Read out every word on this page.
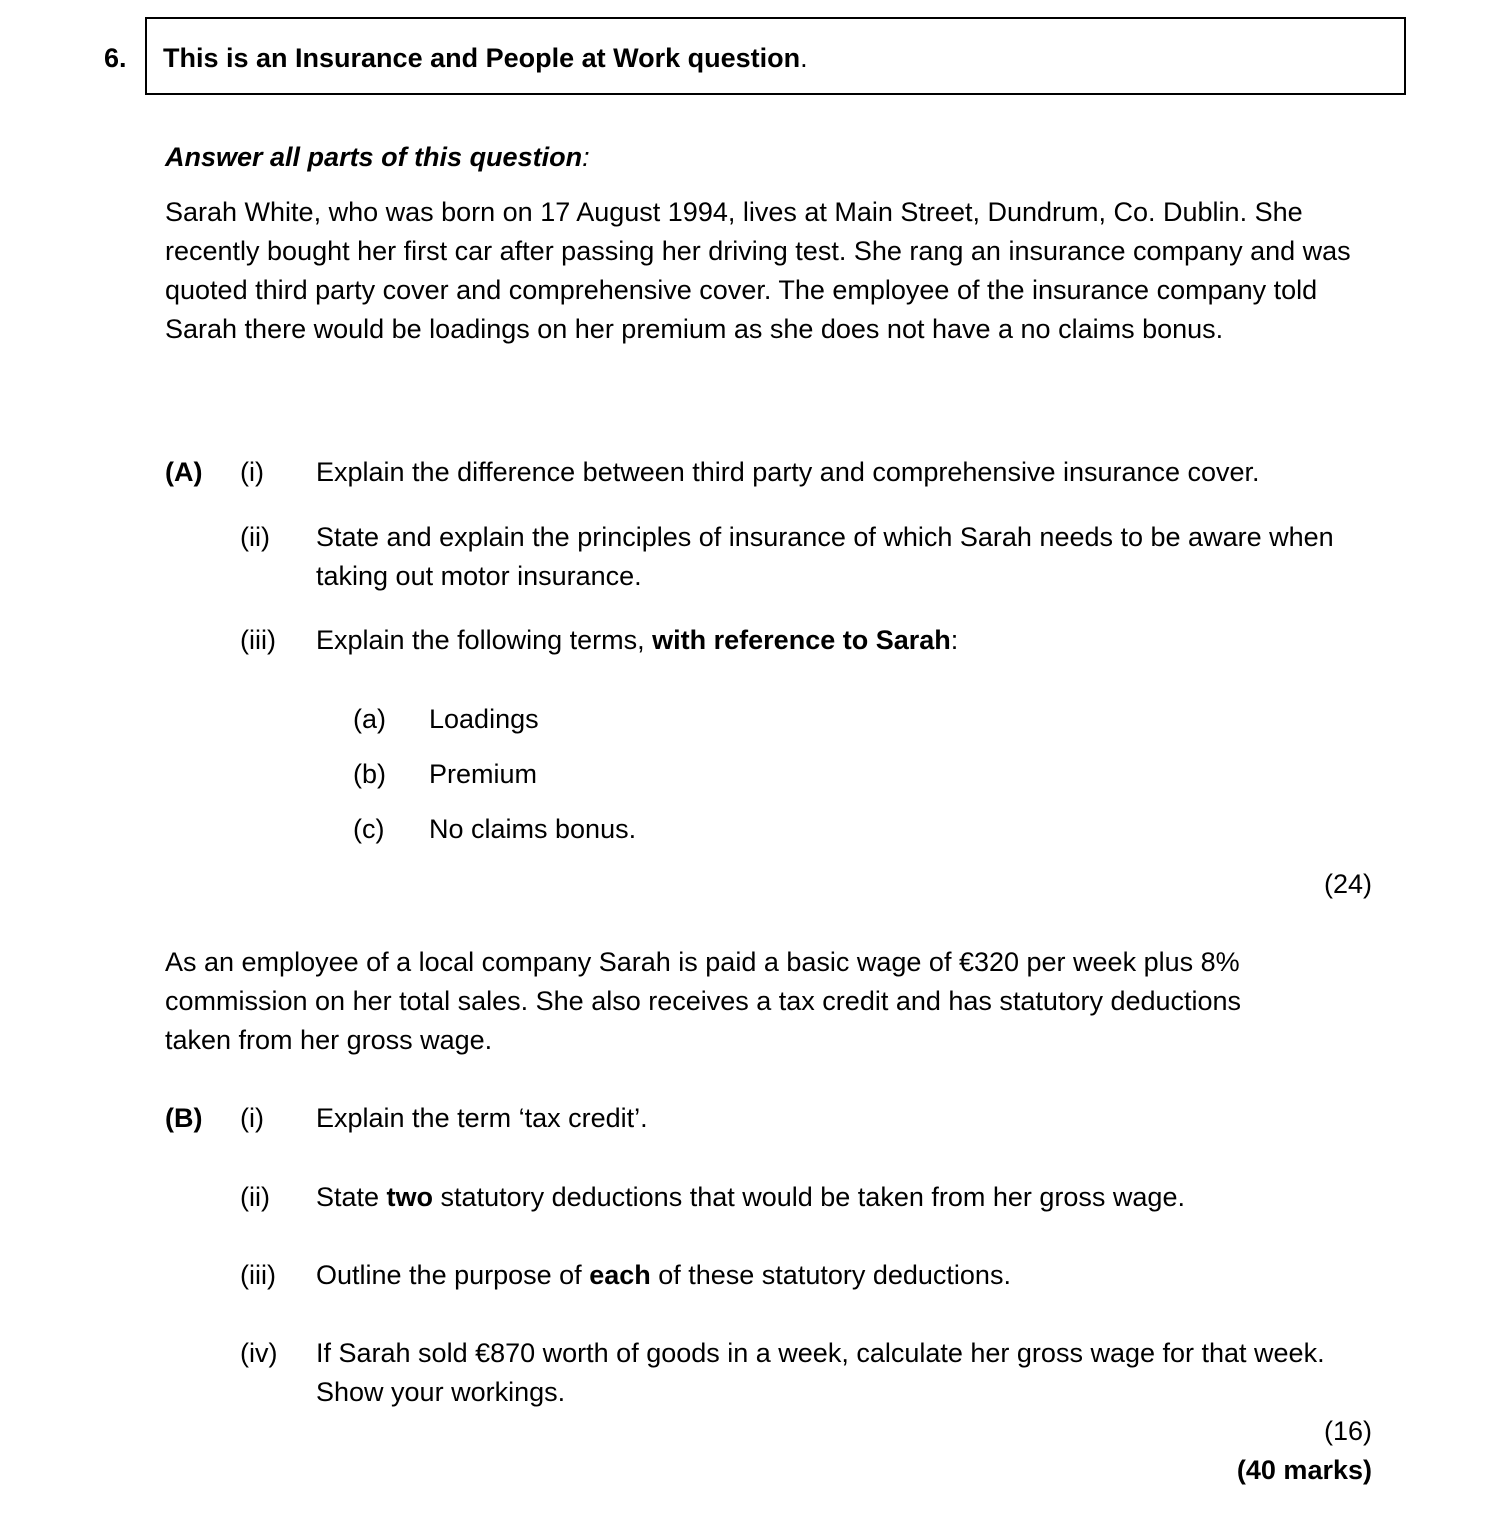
6. This is an Insurance and People at Work question.
Answer all parts of this question:
Sarah White, who was born on 17 August 1994, lives at Main Street, Dundrum, Co. Dublin. She recently bought her first car after passing her driving test. She rang an insurance company and was quoted third party cover and comprehensive cover. The employee of the insurance company told Sarah there would be loadings on her premium as she does not have a no claims bonus.
(A) (i) Explain the difference between third party and comprehensive insurance cover.
(ii) State and explain the principles of insurance of which Sarah needs to be aware when taking out motor insurance.
(iii) Explain the following terms, with reference to Sarah:
(a) Loadings
(b) Premium
(c) No claims bonus.
(24)
As an employee of a local company Sarah is paid a basic wage of €320 per week plus 8% commission on her total sales. She also receives a tax credit and has statutory deductions taken from her gross wage.
(B) (i) Explain the term ‘tax credit’.
(ii) State two statutory deductions that would be taken from her gross wage.
(iii) Outline the purpose of each of these statutory deductions.
(iv) If Sarah sold €870 worth of goods in a week, calculate her gross wage for that week. Show your workings.
(16)
(40 marks)
